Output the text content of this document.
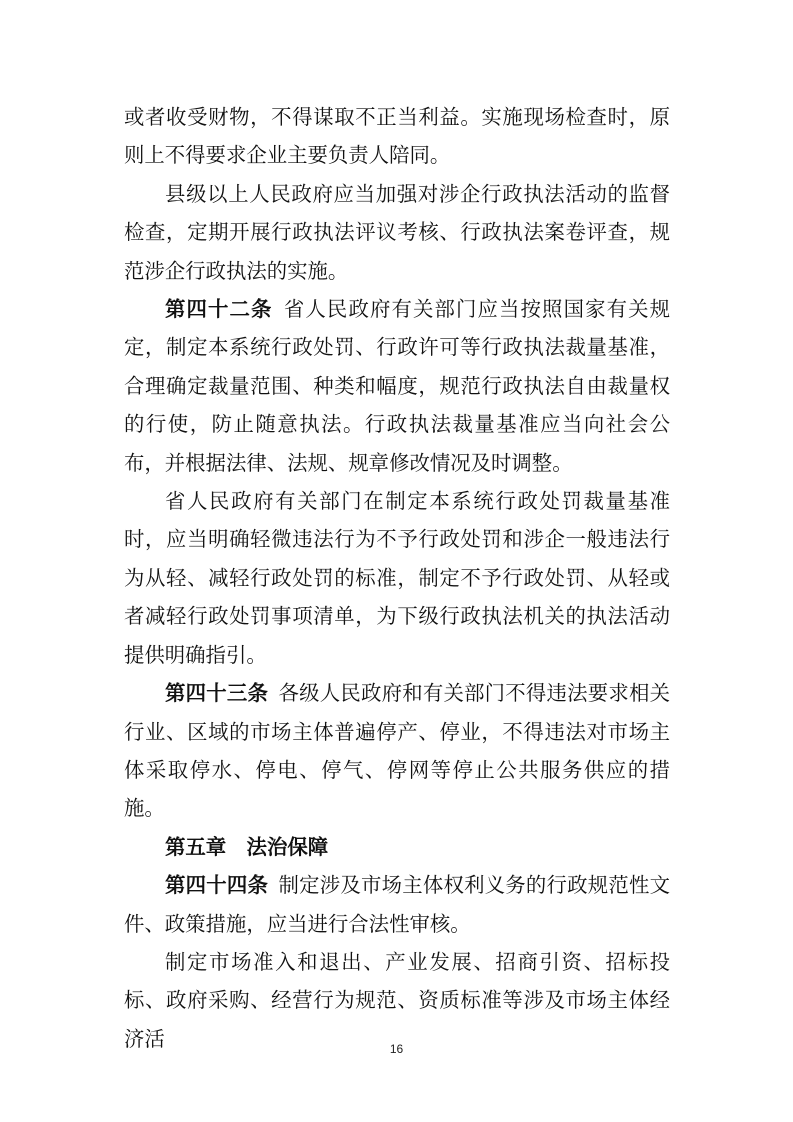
或者收受财物，不得谋取不正当利益。实施现场检查时，原则上不得要求企业主要负责人陪同。

县级以上人民政府应当加强对涉企行政执法活动的监督检查，定期开展行政执法评议考核、行政执法案卷评查，规范涉企行政执法的实施。

第四十二条  省人民政府有关部门应当按照国家有关规定，制定本系统行政处罚、行政许可等行政执法裁量基准，合理确定裁量范围、种类和幅度，规范行政执法自由裁量权的行使，防止随意执法。行政执法裁量基准应当向社会公布，并根据法律、法规、规章修改情况及时调整。

省人民政府有关部门在制定本系统行政处罚裁量基准时，应当明确轻微违法行为不予行政处罚和涉企一般违法行为从轻、减轻行政处罚的标准，制定不予行政处罚、从轻或者减轻行政处罚事项清单，为下级行政执法机关的执法活动提供明确指引。

第四十三条  各级人民政府和有关部门不得违法要求相关行业、区域的市场主体普遍停产、停业，不得违法对市场主体采取停水、停电、停气、停网等停止公共服务供应的措施。

第五章　法治保障

第四十四条  制定涉及市场主体权利义务的行政规范性文件、政策措施，应当进行合法性审核。

制定市场准入和退出、产业发展、招商引资、招标投标、政府采购、经营行为规范、资质标准等涉及市场主体经济活	16
